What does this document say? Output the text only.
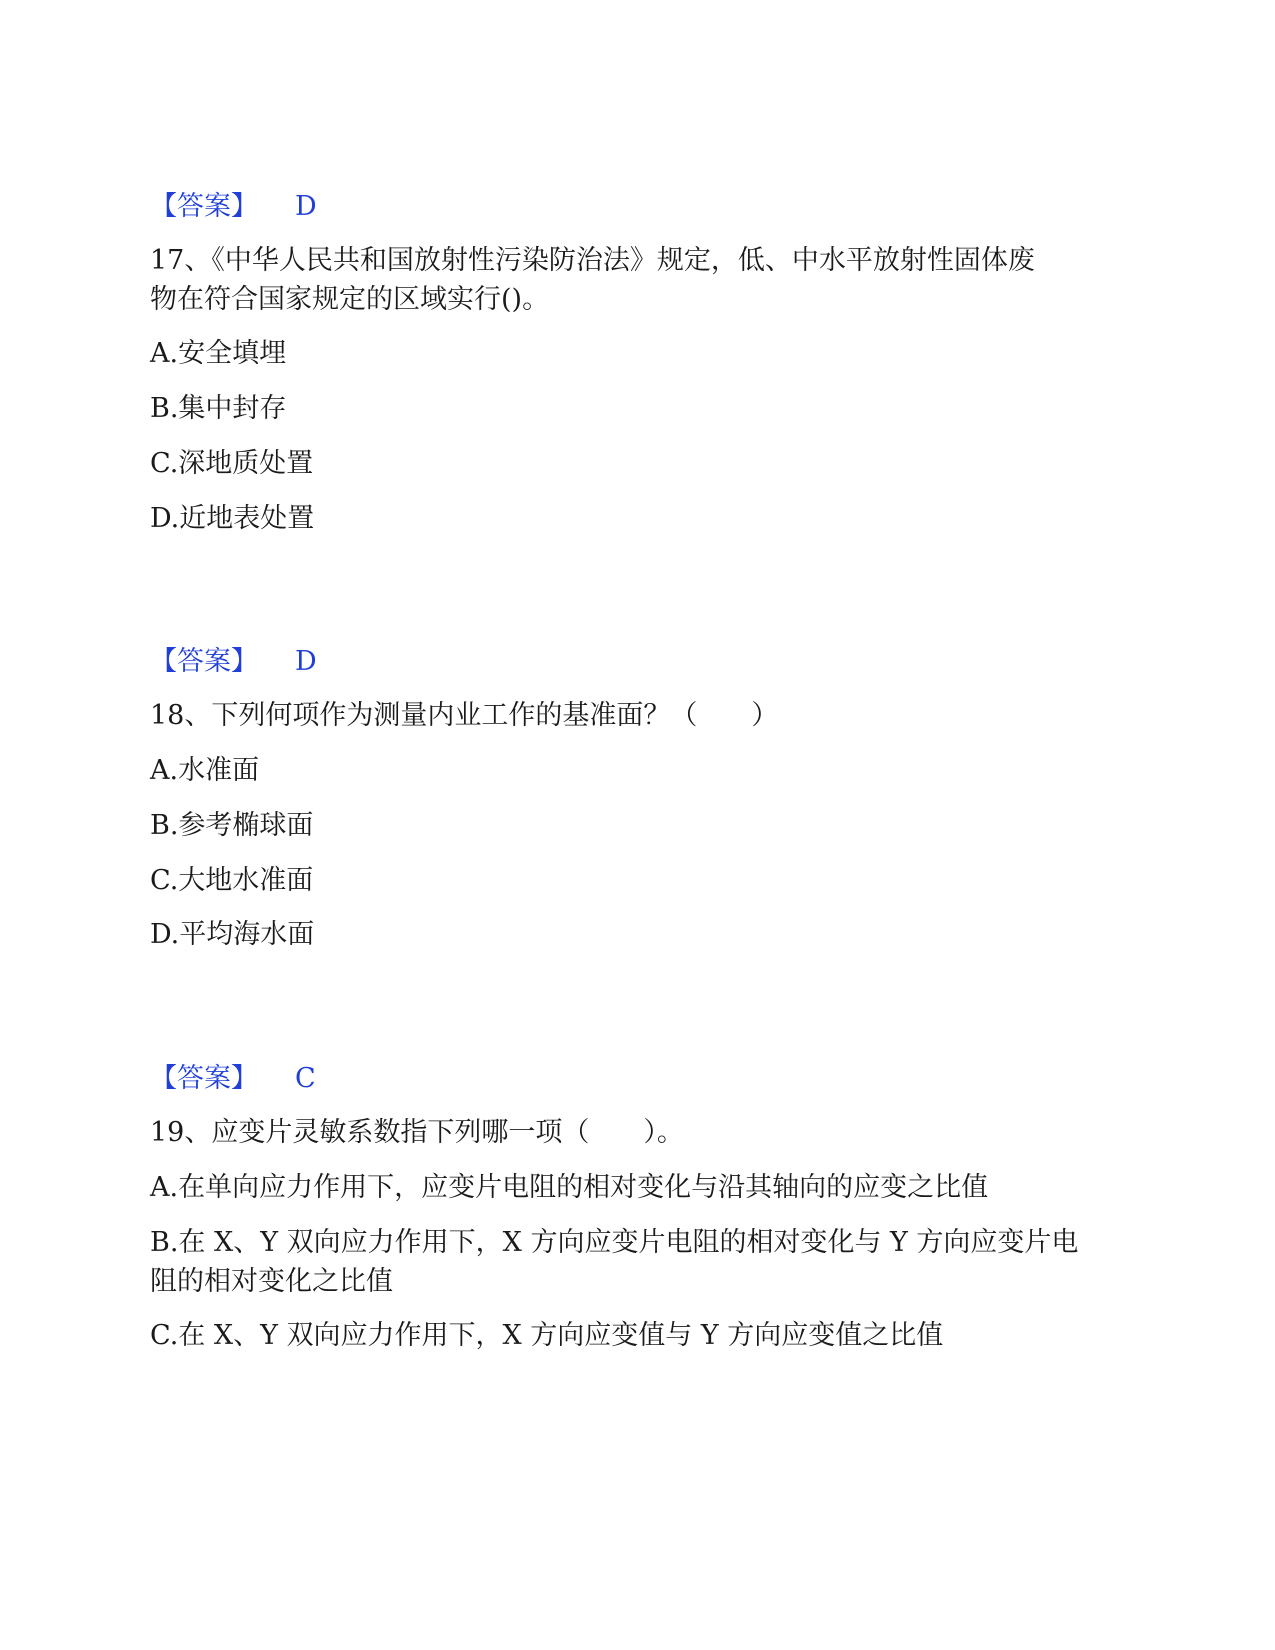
【答案】 D
17、《中华人民共和国放射性污染防治法》规定，低、中水平放射性固体废
物在符合国家规定的区域实行()。
A.安全填埋
B.集中封存
C.深地质处置
D.近地表处置
【答案】 D
18、下列何项作为测量内业工作的基准面？（　　）
A.水准面
B.参考椭球面
C.大地水准面
D.平均海水面
【答案】 C
19、应变片灵敏系数指下列哪一项（　　）。
A.在单向应力作用下，应变片电阻的相对变化与沿其轴向的应变之比值
B.在 X、Y 双向应力作用下，X 方向应变片电阻的相对变化与 Y 方向应变片电
阻的相对变化之比值
C.在 X、Y 双向应力作用下，X 方向应变值与 Y 方向应变值之比值
